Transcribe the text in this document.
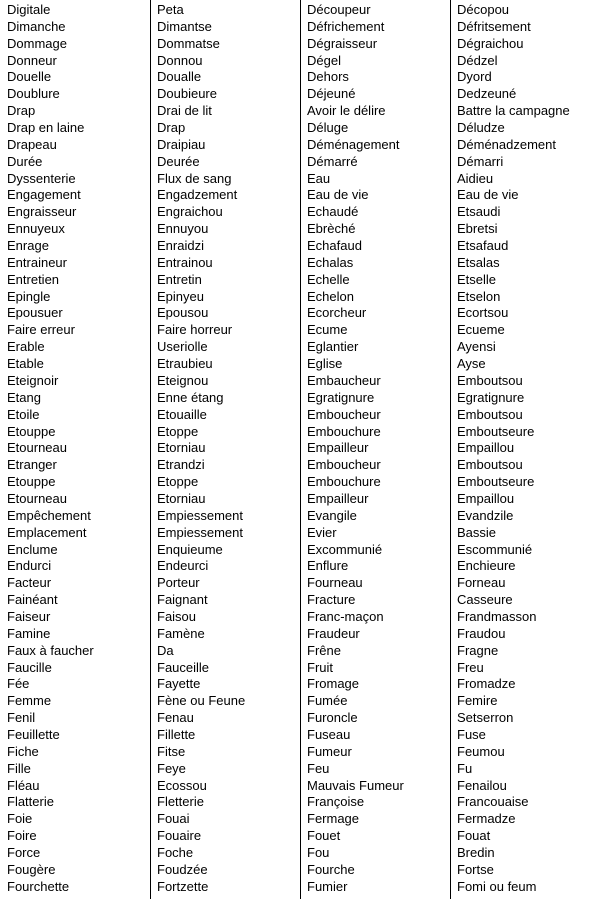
Digitale
Dimanche
Dommage
Donneur
Douelle
Doublure
Drap
Drap en laine
Drapeau
Durée
Dyssenterie
Engagement
Engraisseur
Ennuyeux
Enrage
Entraineur
Entretien
Epingle
Epousuer
Faire erreur
Erable
Etable
Eteignoir
Etang
Etoile
Etouppe
Etourneau
Etranger
Etouppe
Etourneau
Empêchement
Emplacement
Enclume
Endurci
Facteur
Fainéant
Faiseur
Famine
Faux à faucher
Faucille
Fée
Femme
Fenil
Feuillette
Fiche
Fille
Fléau
Flatterie
Foie
Foire
Force
Fougère
Fourchette
Peta
Dimantse
Dommatse
Donnou
Doualle
Doubieure
Drai de lit
Drap
Draipiau
Deurée
Flux de sang
Engadzement
Engraichou
Ennuyou
Enraidzi
Entrainou
Entretin
Epinyeu
Epousou
Faire horreur
Useriolle
Etraubieu
Eteignou
Enne étang
Etouaille
Etoppe
Etorniau
Etrandzi
Etoppe
Etorniau
Empiessement
Empiessement
Enquieume
Endeurci
Porteur
Faignant
Faisou
Famène
Da
Fauceille
Fayette
Fène ou Feune
Fenau
Fillette
Fitse
Feye
Ecossou
Fletterie
Fouai
Fouaire
Foche
Foudzée
Fortzette
Découpeur
Défrichement
Dégraisseur
Dégel
Dehors
Déjeuné
Avoir le délire
Déluge
Déménagement
Démarré
Eau
Eau de vie
Echaudé
Ebrèché
Echafaud
Echalas
Echelle
Echelon
Ecorcheur
Ecume
Eglantier
Eglise
Embaucheur
Egratignure
Emboucheur
Embouchure
Empailleur
Emboucheur
Embouchure
Empailleur
Evangile
Evier
Excommunié
Enflure
Fourneau
Fracture
Franc-maçon
Fraudeur
Frêne
Fruit
Fromage
Fumée
Furoncle
Fuseau
Fumeur
Feu
Mauvais Fumeur
Françoise
Fermage
Fouet
Fou
Fourche
Fumier
Décopou
Défritsement
Dégraichou
Dédzel
Dyord
Dedzeuné
Battre la campagne
Déludze
Déménadzement
Démarri
Aidieu
Eau de vie
Etsaudi
Ebretsi
Etsafaud
Etsalas
Etselle
Etselon
Ecortsou
Ecueme
Ayensi
Ayse
Emboutsou
Egratignure
Emboutsou
Emboutseure
Empaillou
Emboutsou
Emboutseure
Empaillou
Evandzile
Bassie
Escommunié
Enchieure
Forneau
Casseure
Frandmasson
Fraudou
Fragne
Freu
Fromadze
Femire
Setserron
Fuse
Feumou
Fu
Fenailou
Francouaise
Fermadze
Fouat
Bredin
Fortse
Fomi ou feum
